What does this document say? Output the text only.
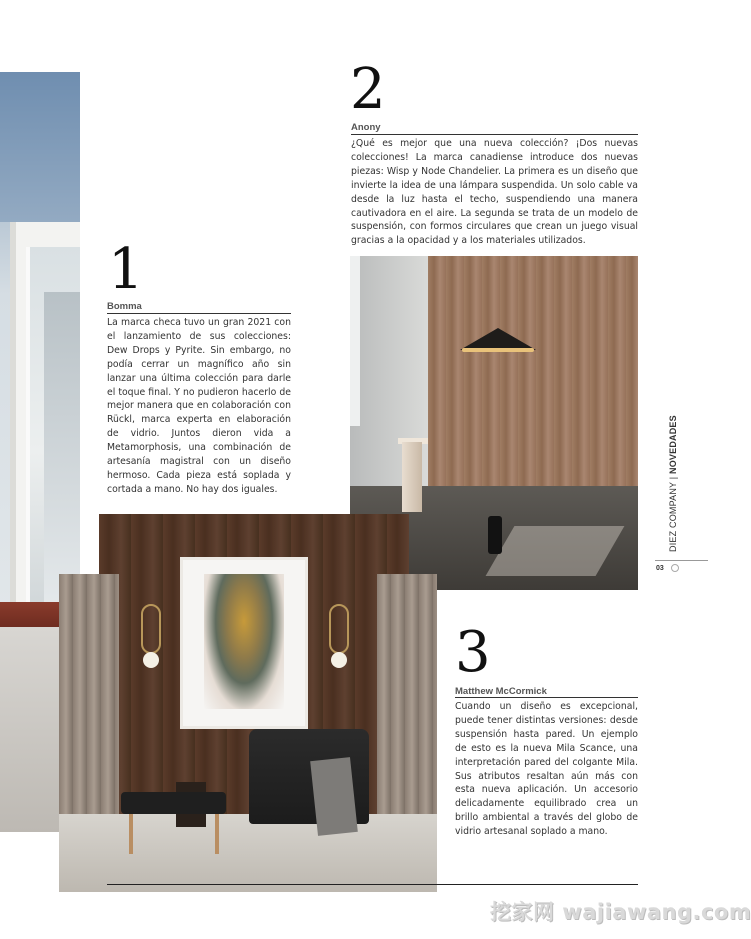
2
Anony
¿Qué es mejor que una nueva colección? ¡Dos nuevas colecciones! La marca canadiense introduce dos nuevas piezas: Wisp y Node Chandelier. La primera es un diseño que invierte la idea de una lámpara suspendida. Un solo cable va desde la luz hasta el techo, suspendiendo una manera cautivadora en el aire. La segunda se trata de un modelo de suspensión, con formos circulares que crean un juego visual gracias a la opacidad y a los materiales utilizados.
1
Bomma
La marca checa tuvo un gran 2021 con el lanzamiento de sus colecciones: Dew Drops y Pyrite. Sin embargo, no podía cerrar un magnífico año sin lanzar una última colección para darle el toque final. Y no pudieron hacerlo de mejor manera que en colaboración con Rückl, marca experta en elaboración de vidrio. Juntos dieron vida a Metamorphosis, una combinación de artesanía magistral con un diseño hermoso. Cada pieza está soplada y cortada a mano. No hay dos iguales.
3
Matthew McCormick
Cuando un diseño es excepcional, puede tener distintas versiones: desde suspensión hasta pared. Un ejemplo de esto es la nueva Mila Scance, una interpretación pared del colgante Mila. Sus atributos resaltan aún más con esta nueva aplicación. Un accesorio delicadamente equilibrado crea un brillo ambiental a través del globo de vidrio artesanal soplado a mano.
DIEZ COMPANY | NOVEDADES
03
挖家网 wajiawang.com
